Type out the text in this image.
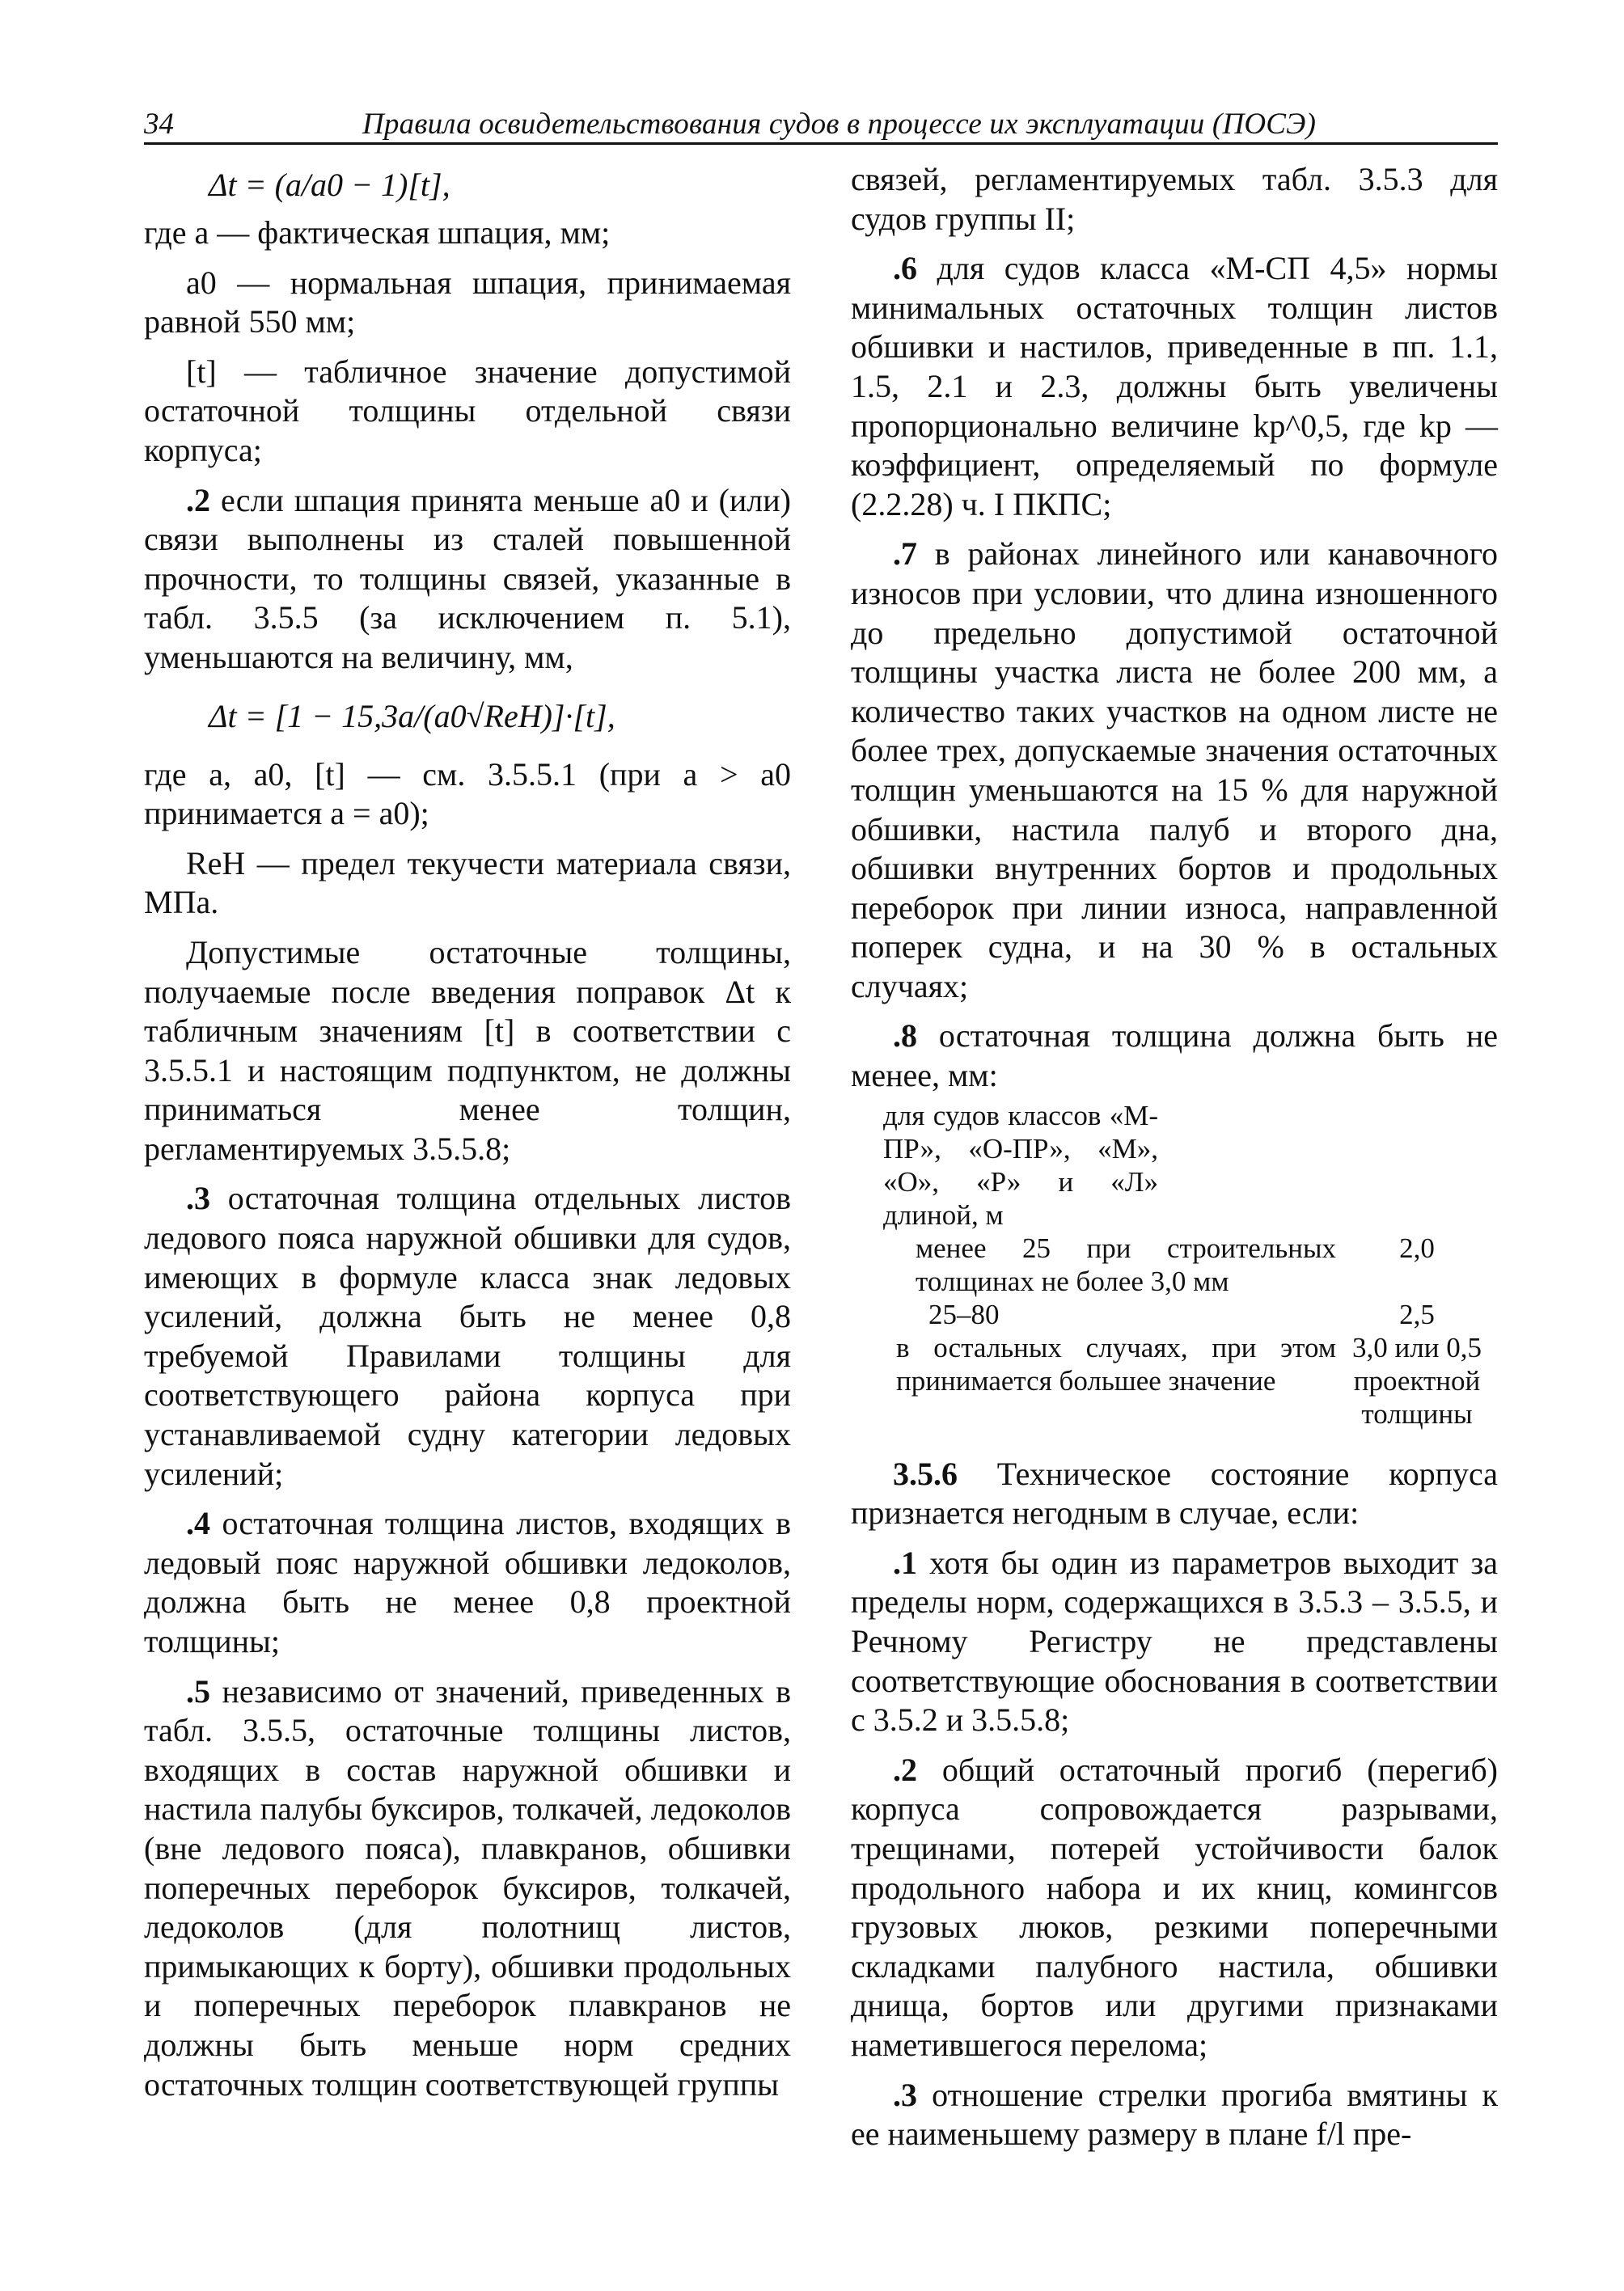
34	Правила освидетельствования судов в процессе их эксплуатации (ПОСЭ)

Δt = (a/a0 − 1)[t],

где a — фактическая шпация, мм;

a0 — нормальная шпация, принимаемая равной 550 мм;

[t] — табличное значение допустимой остаточной толщины отдельной связи корпуса;

.2 если шпация принята меньше a0 и (или) связи выполнены из сталей повышенной прочности, то толщины связей, указанные в табл. 3.5.5 (за исключением п. 5.1), уменьшаются на величину, мм,

Δt = [1 − 15,3a/(a0√ReH)]·[t],

где a, a0, [t] — см. 3.5.5.1 (при a > a0 принимается a = a0);

ReH — предел текучести материала связи, МПа.

Допустимые остаточные толщины, получаемые после введения поправок Δt к табличным значениям [t] в соответствии с 3.5.5.1 и настоящим подпунктом, не должны приниматься менее толщин, регламентируемых 3.5.5.8;

.3 остаточная толщина отдельных листов ледового пояса наружной обшивки для судов, имеющих в формуле класса знак ледовых усилений, должна быть не менее 0,8 требуемой Правилами толщины для соответствующего района корпуса при устанавливаемой судну категории ледовых усилений;

.4 остаточная толщина листов, входящих в ледовый пояс наружной обшивки ледоколов, должна быть не менее 0,8 проектной толщины;

.5 независимо от значений, приведенных в табл. 3.5.5, остаточные толщины листов, входящих в состав наружной обшивки и настила палубы буксиров, толкачей, ледоколов (вне ледового пояса), плавкранов, обшивки поперечных переборок буксиров, толкачей, ледоколов (для полотнищ листов, примыкающих к борту), обшивки продольных и поперечных переборок плавкранов не должны быть меньше норм средних остаточных толщин соответствующей группы

связей, регламентируемых табл. 3.5.3 для судов группы II;

.6 для судов класса «М-СП 4,5» нормы минимальных остаточных толщин листов обшивки и настилов, приведенные в пп. 1.1, 1.5, 2.1 и 2.3, должны быть увеличены пропорционально величине kp^0,5, где kp — коэффициент, определяемый по формуле (2.2.28) ч. I ПКПС;

.7 в районах линейного или канавочного износов при условии, что длина изношенного до предельно допустимой остаточной толщины участка листа не более 200 мм, а количество таких участков на одном листе не более трех, допускаемые значения остаточных толщин уменьшаются на 15 % для наружной обшивки, настила палуб и второго дна, обшивки внутренних бортов и продольных переборок при линии износа, направленной поперек судна, и на 30 % в остальных случаях;

.8 остаточная толщина должна быть не менее, мм:

для судов классов «М-ПР», «О-ПР», «М», «О», «Р» и «Л» длиной, м	
менее 25 при строительных толщинах не более 3,0 мм	2,0
25–80	2,5
в остальных случаях, при этом принимается большее значение	3,0 или 0,5 проектной толщины

3.5.6 Техническое состояние корпуса признается негодным в случае, если:

.1 хотя бы один из параметров выходит за пределы норм, содержащихся в 3.5.3 – 3.5.5, и Речному Регистру не представлены соответствующие обоснования в соответствии с 3.5.2 и 3.5.5.8;

.2 общий остаточный прогиб (перегиб) корпуса сопровождается разрывами, трещинами, потерей устойчивости балок продольного набора и их книц, комингсов грузовых люков, резкими поперечными складками палубного настила, обшивки днища, бортов или другими признаками наметившегося перелома;

.3 отношение стрелки прогиба вмятины к ее наименьшему размеру в плане f/l пре-
